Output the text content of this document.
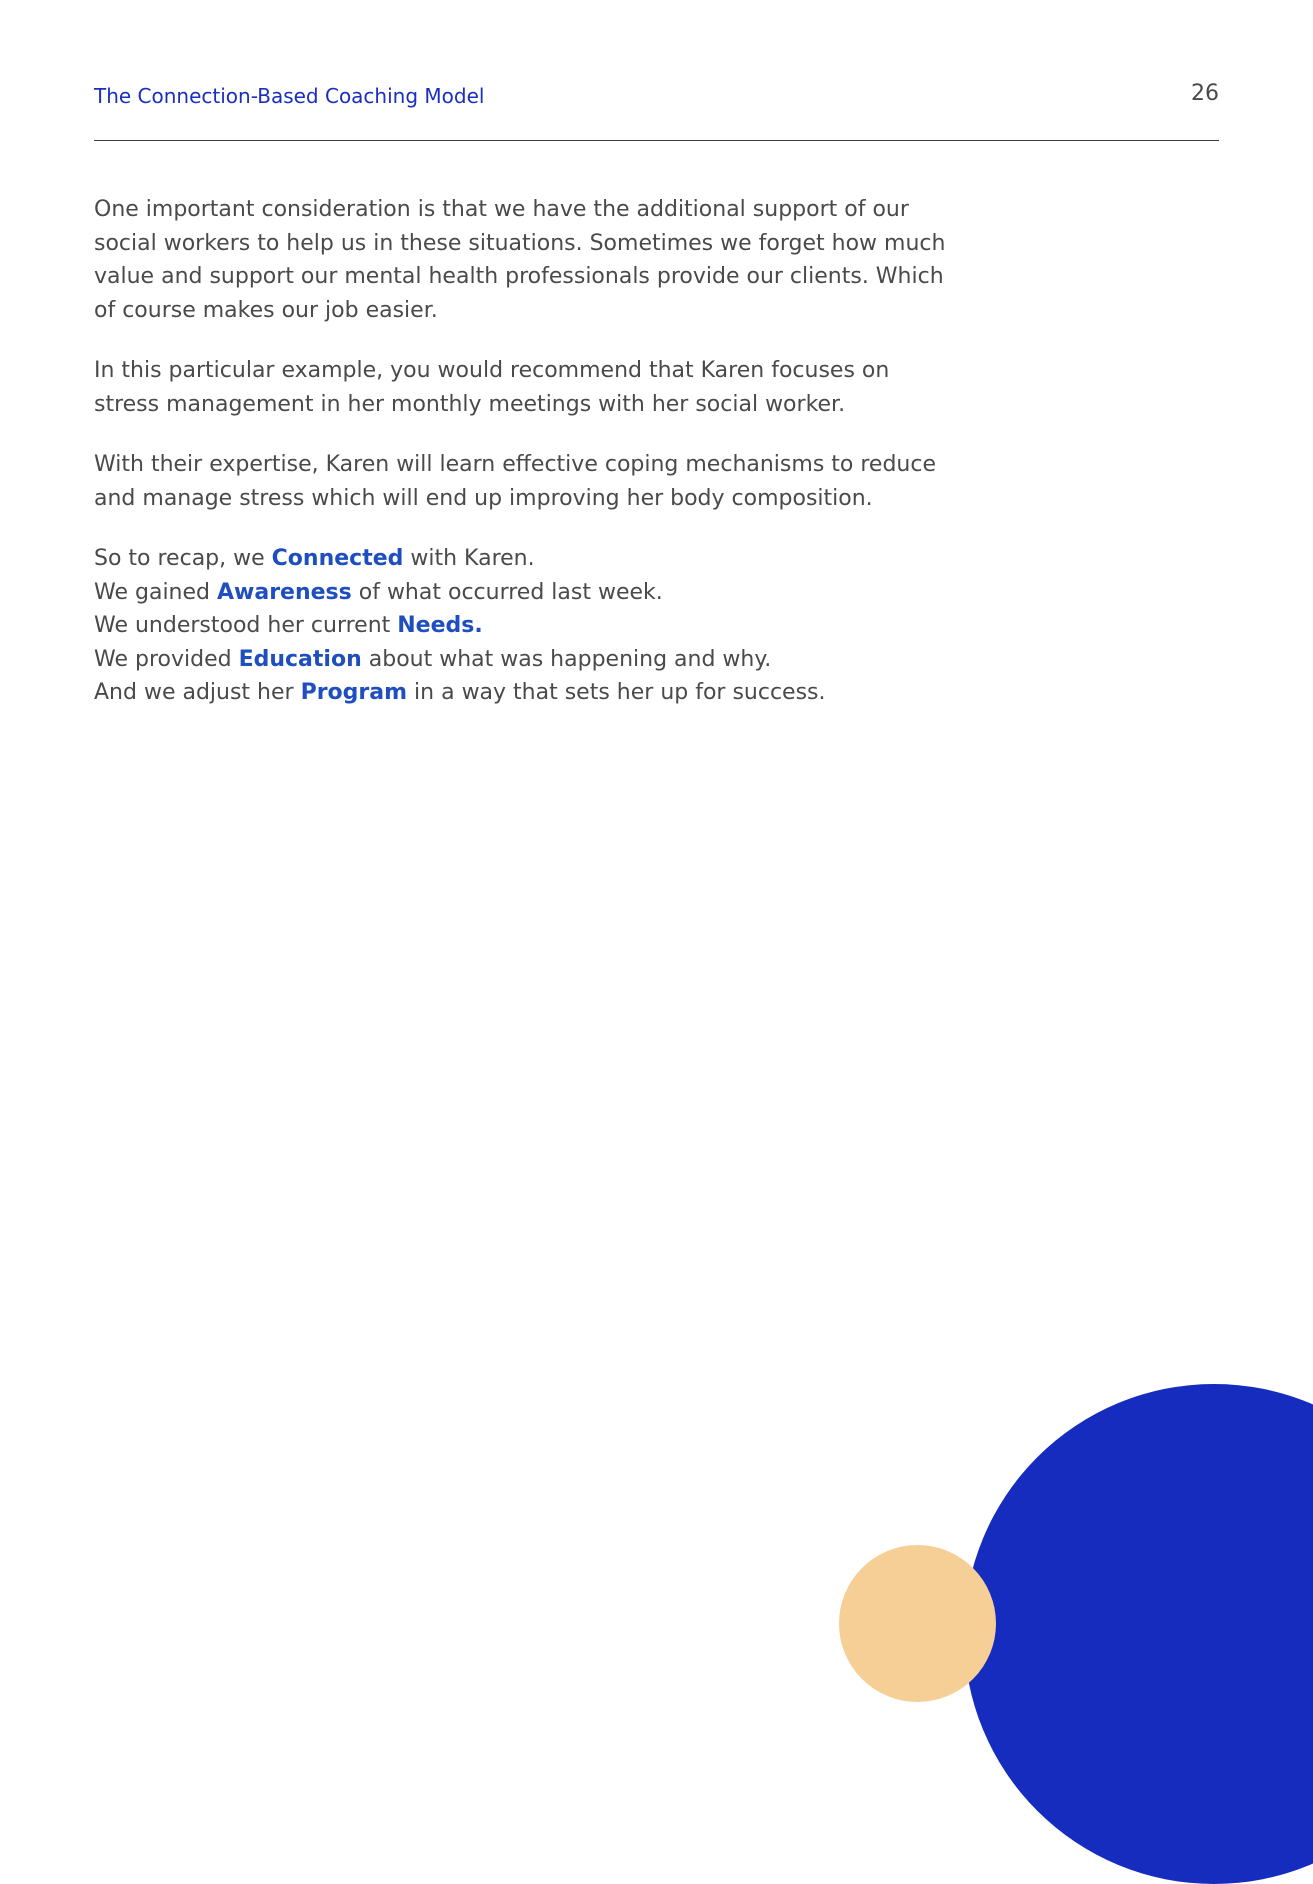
The Connection-Based Coaching Model	26

One important consideration is that we have the additional support of our
social workers to help us in these situations. Sometimes we forget how much
value and support our mental health professionals provide our clients. Which
of course makes our job easier.

In this particular example, you would recommend that Karen focuses on
stress management in her monthly meetings with her social worker.

With their expertise, Karen will learn effective coping mechanisms to reduce
and manage stress which will end up improving her body composition.

So to recap, we Connected with Karen.
We gained Awareness of what occurred last week.
We understood her current Needs.
We provided Education about what was happening and why.
And we adjust her Program in a way that sets her up for success.
